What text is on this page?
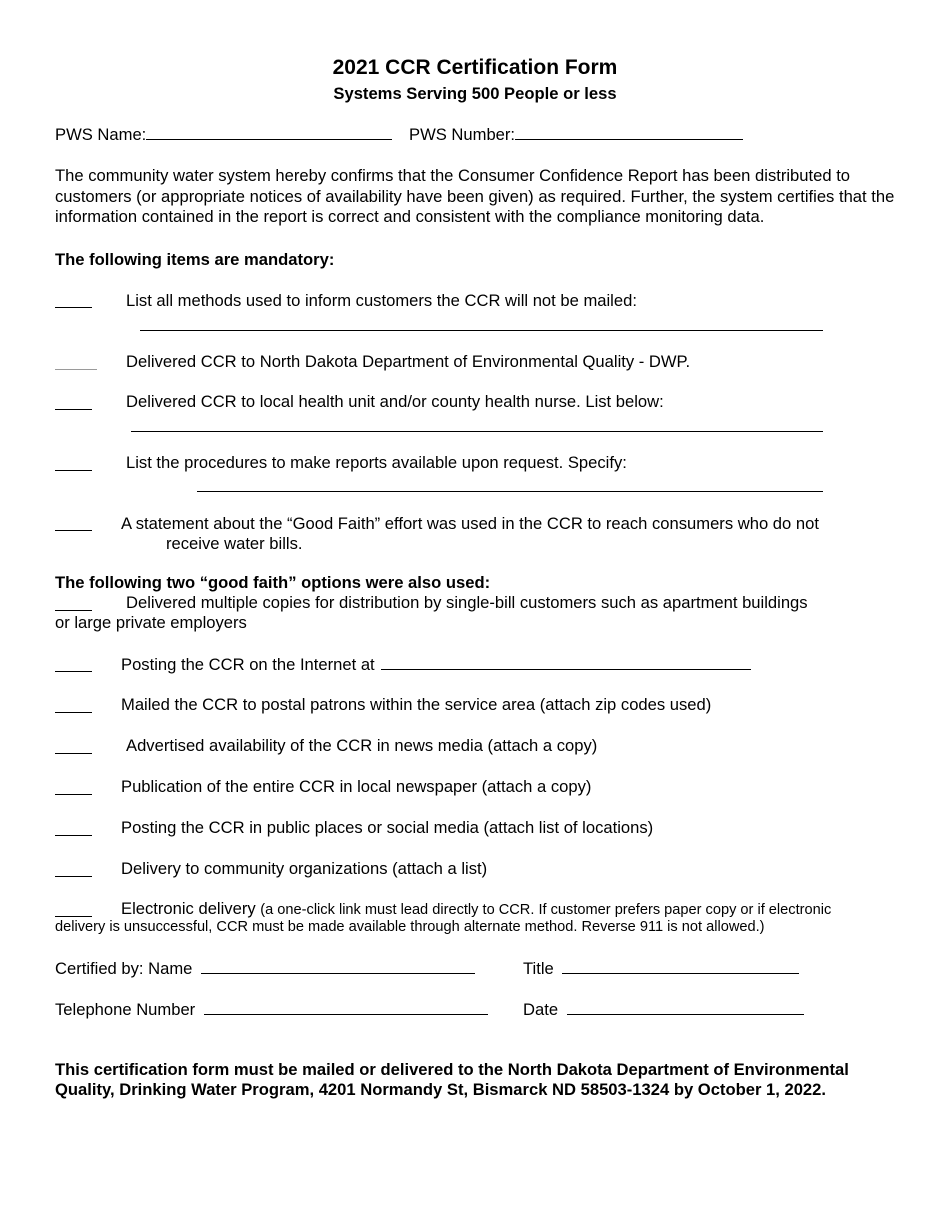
2021 CCR Certification Form
Systems Serving 500 People or less
PWS Name:	PWS Number:
The community water system hereby confirms that the Consumer Confidence Report has been distributed to customers (or appropriate notices of availability have been given) as required. Further, the system certifies that the information contained in the report is correct and consistent with the compliance monitoring data.
The following items are mandatory:
List all methods used to inform customers the CCR will not be mailed:
Delivered CCR to North Dakota Department of Environmental Quality - DWP.
Delivered CCR to local health unit and/or county health nurse. List below:
List the procedures to make reports available upon request. Specify:
A statement about the “Good Faith” effort was used in the CCR to reach consumers who do not
receive water bills.
The following two “good faith” options were also used:
Delivered multiple copies for distribution by single-bill customers such as apartment buildings
or large private employers
Posting the CCR on the Internet at
Mailed the CCR to postal patrons within the service area (attach zip codes used)
Advertised availability of the CCR in news media (attach a copy)
Publication of the entire CCR in local newspaper (attach a copy)
Posting the CCR in public places or social media (attach list of locations)
Delivery to community organizations (attach a list)
Electronic delivery (a one-click link must lead directly to CCR. If customer prefers paper copy or if electronic
delivery is unsuccessful, CCR must be made available through alternate method. Reverse 911 is not allowed.)
Certified by: Name	Title
Telephone Number	Date
This certification form must be mailed or delivered to the North Dakota Department of Environmental
Quality, Drinking Water Program, 4201 Normandy St, Bismarck ND 58503-1324 by October 1, 2022.
